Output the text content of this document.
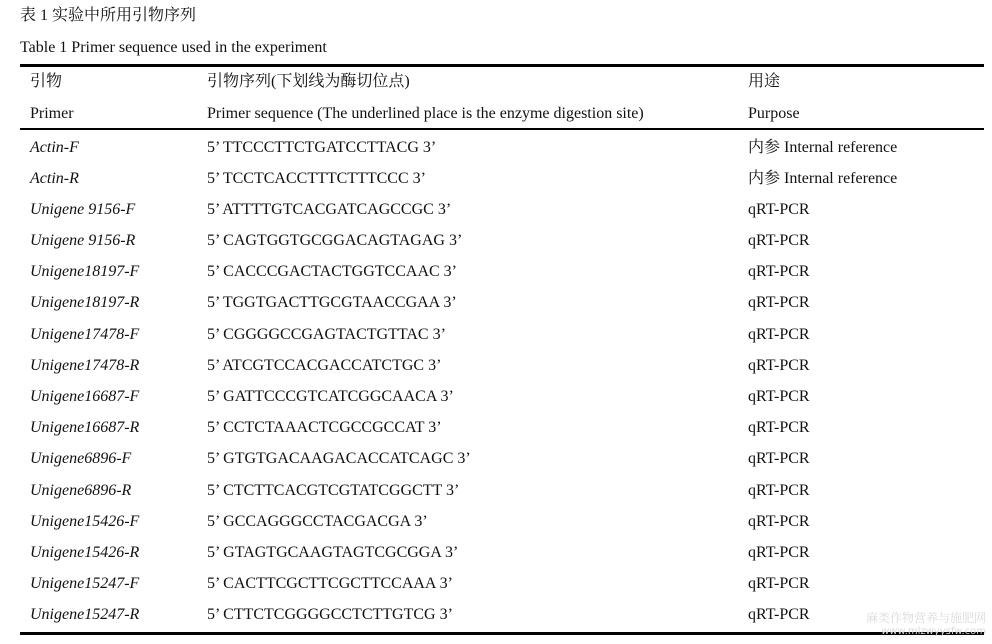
表 1 实验中所用引物序列
Table 1 Primer sequence used in the experiment
引物	引物序列(下划线为酶切位点)	用途
Primer	Primer sequence (The underlined place is the enzyme digestion site)	Purpose
Actin-F	5’ TTCCCTTCTGATCCTTACG 3’	内参 Internal reference
Actin-R	5’ TCCTCACCTTTCTTTCCC 3’	内参 Internal reference
Unigene 9156-F	5’ ATTTTGTCACGATCAGCCGC 3’	qRT-PCR
Unigene 9156-R	5’ CAGTGGTGCGGACAGTAGAG 3’	qRT-PCR
Unigene18197-F	5’ CACCCGACTACTGGTCCAAC 3’	qRT-PCR
Unigene18197-R	5’ TGGTGACTTGCGTAACCGAA 3’	qRT-PCR
Unigene17478-F	5’ CGGGGCCGAGTACTGTTAC 3’	qRT-PCR
Unigene17478-R	5’ ATCGTCCACGACCATCTGC 3’	qRT-PCR
Unigene16687-F	5’ GATTCCCGTCATCGGCAACA 3’	qRT-PCR
Unigene16687-R	5’ CCTCTAAACTCGCCGCCAT 3’	qRT-PCR
Unigene6896-F	5’ GTGTGACAAGACACCATCAGC 3’	qRT-PCR
Unigene6896-R	5’ CTCTTCACGTCGTATCGGCTT 3’	qRT-PCR
Unigene15426-F	5’ GCCAGGGCCTACGACGA 3’	qRT-PCR
Unigene15426-R	5’ GTAGTGCAAGTAGTCGCGGA 3’	qRT-PCR
Unigene15247-F	5’ CACTTCGCTTCGCTTCCAAA 3’	qRT-PCR
Unigene15247-R	5’ CTTCTCGGGGCCTCTTGTCG 3’	qRT-PCR	麻类作物营养与施肥网
www.mlzwyysfw.com
